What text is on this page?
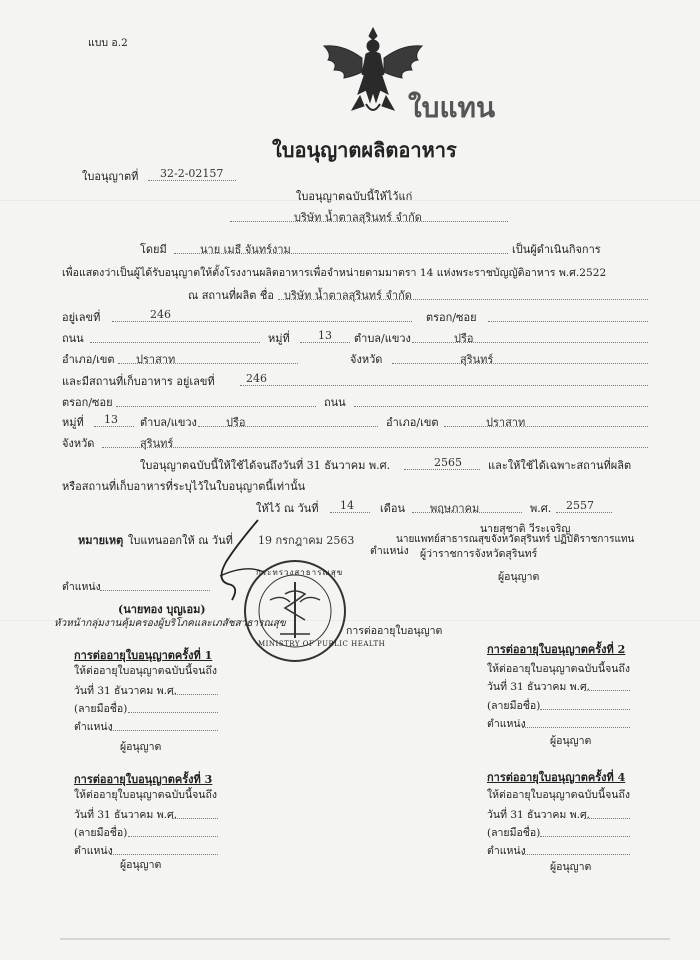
แบบ อ.2
ใบแทน
ใบอนุญาตผลิตอาหาร
ใบอนุญาตที่ 32-2-02157
ใบอนุญาตฉบับนี้ให้ไว้แก่
บริษัท น้ำตาลสุรินทร์ จำกัด
โดยมี	นาย เมธี จันทร์งาม	เป็นผู้ดำเนินกิจการ
เพื่อแสดงว่าเป็นผู้ได้รับอนุญาตให้ตั้งโรงงานผลิตอาหารเพื่อจำหน่ายตามมาตรา 14 แห่งพระราชบัญญัติอาหาร พ.ศ.2522
ณ สถานที่ผลิต ชื่อ บริษัท น้ำตาลสุรินทร์ จำกัด
อยู่เลขที่	246	ตรอก/ซอย
ถนน	หมู่ที่	13 ตำบล/แขวง	ปรือ
อำเภอ/เขต ปราสาท	จังหวัด	สุรินทร์
และมีสถานที่เก็บอาหาร อยู่เลขที่	246
ตรอก/ซอย	ถนน
หมู่ที่ 13 ตำบล/แขวง	ปรือ	อำเภอ/เขต	ปราสาท
จังหวัด	สุรินทร์
ใบอนุญาตฉบับนี้ให้ใช้ได้จนถึงวันที่ 31 ธันวาคม พ.ศ.	2565 และให้ใช้ได้เฉพาะสถานที่ผลิต
หรือสถานที่เก็บอาหารที่ระบุไว้ในใบอนุญาตนี้เท่านั้น
ให้ไว้ ณ วันที่ 14 เดือน พฤษภาคม	พ.ศ. 2557
หมายเหตุ ใบแทนออกให้ ณ วันที่ 19 กรกฎาคม 2563
นายสุชาติ วีระเจริญ
ตำแหน่ง
นายแพทย์สาธารณสุขจังหวัดสุรินทร์ ปฏิบัติราชการแทน
ผู้ว่าราชการจังหวัดสุรินทร์
ผู้อนุญาต
ตำแหน่ง
(นายทอง บุญเอม)
หัวหน้ากลุ่มงานคุ้มครองผู้บริโภคและเภสัชสาธารณสุข
การต่ออายุใบอนุญาต
กระทรวงสาธารณสุข
MINISTRY OF PUBLIC HEALTH
การต่ออายุใบอนุญาตครั้งที่ 1
ให้ต่ออายุใบอนุญาตฉบับนี้จนถึง
วันที่ 31 ธันวาคม พ.ศ.
(ลายมือชื่อ)
ตำแหน่ง
ผู้อนุญาต
การต่ออายุใบอนุญาตครั้งที่ 2
ให้ต่ออายุใบอนุญาตฉบับนี้จนถึง
วันที่ 31 ธันวาคม พ.ศ.
(ลายมือชื่อ)
ตำแหน่ง
ผู้อนุญาต
การต่ออายุใบอนุญาตครั้งที่ 3
ให้ต่ออายุใบอนุญาตฉบับนี้จนถึง
วันที่ 31 ธันวาคม พ.ศ.
(ลายมือชื่อ)
ตำแหน่ง
ผู้อนุญาต
การต่ออายุใบอนุญาตครั้งที่ 4
ให้ต่ออายุใบอนุญาตฉบับนี้จนถึง
วันที่ 31 ธันวาคม พ.ศ.
(ลายมือชื่อ)
ตำแหน่ง
ผู้อนุญาต
